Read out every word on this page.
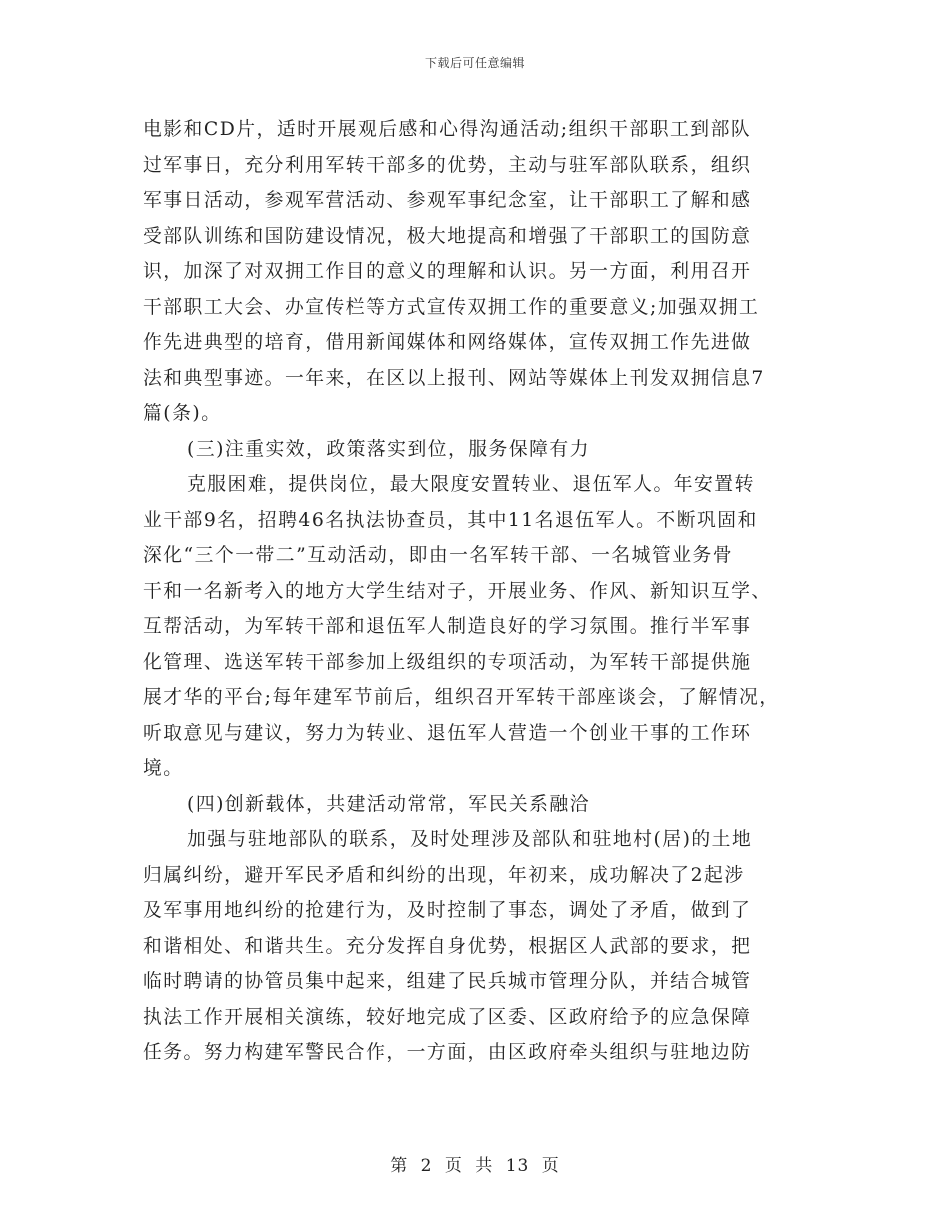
下载后可任意编辑
电影和CD片，适时开展观后感和心得沟通活动;组织干部职工到部队
过军事日，充分利用军转干部多的优势，主动与驻军部队联系，组织
军事日活动，参观军营活动、参观军事纪念室，让干部职工了解和感
受部队训练和国防建设情况，极大地提高和增强了干部职工的国防意
识，加深了对双拥工作目的意义的理解和认识。另一方面，利用召开
干部职工大会、办宣传栏等方式宣传双拥工作的重要意义;加强双拥工
作先进典型的培育，借用新闻媒体和网络媒体，宣传双拥工作先进做
法和典型事迹。一年来，在区以上报刊、网站等媒体上刊发双拥信息7
篇(条)。
(三)注重实效，政策落实到位，服务保障有力
克服困难，提供岗位，最大限度安置转业、退伍军人。年安置转
业干部9名，招聘46名执法协查员，其中11名退伍军人。不断巩固和
深化“三个一带二”互动活动，即由一名军转干部、一名城管业务骨
干和一名新考入的地方大学生结对子，开展业务、作风、新知识互学、
互帮活动，为军转干部和退伍军人制造良好的学习氛围。推行半军事
化管理、选送军转干部参加上级组织的专项活动，为军转干部提供施
展才华的平台;每年建军节前后，组织召开军转干部座谈会，了解情况，
听取意见与建议，努力为转业、退伍军人营造一个创业干事的工作环
境。
(四)创新载体，共建活动常常，军民关系融洽
加强与驻地部队的联系，及时处理涉及部队和驻地村(居)的土地
归属纠纷，避开军民矛盾和纠纷的出现，年初来，成功解决了2起涉
及军事用地纠纷的抢建行为，及时控制了事态，调处了矛盾，做到了
和谐相处、和谐共生。充分发挥自身优势，根据区人武部的要求，把
临时聘请的协管员集中起来，组建了民兵城市管理分队，并结合城管
执法工作开展相关演练，较好地完成了区委、区政府给予的应急保障
任务。努力构建军警民合作，一方面，由区政府牵头组织与驻地边防
第 2 页 共 13 页
